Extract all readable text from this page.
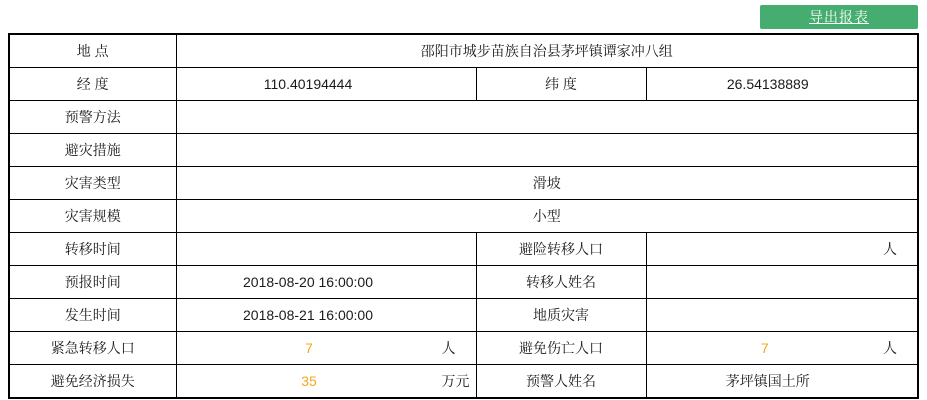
导出报表
地 点	邵阳市城步苗族自治县茅坪镇谭家冲八组		
经 度	110.40194444	纬 度	26.54138889
预警方法			
避灾措施			
灾害类型	滑坡		
灾害规模	小型		
转移时间		避险转移人口	人

预报时间	2018-08-20 16:00:00	转移人姓名	
发生时间	2018-08-21 16:00:00	地质灾害	
紧急转移人口	7 人	避免伤亡人口	7 人

避免经济损失	35 万元	预警人姓名	茅坪镇国土所
